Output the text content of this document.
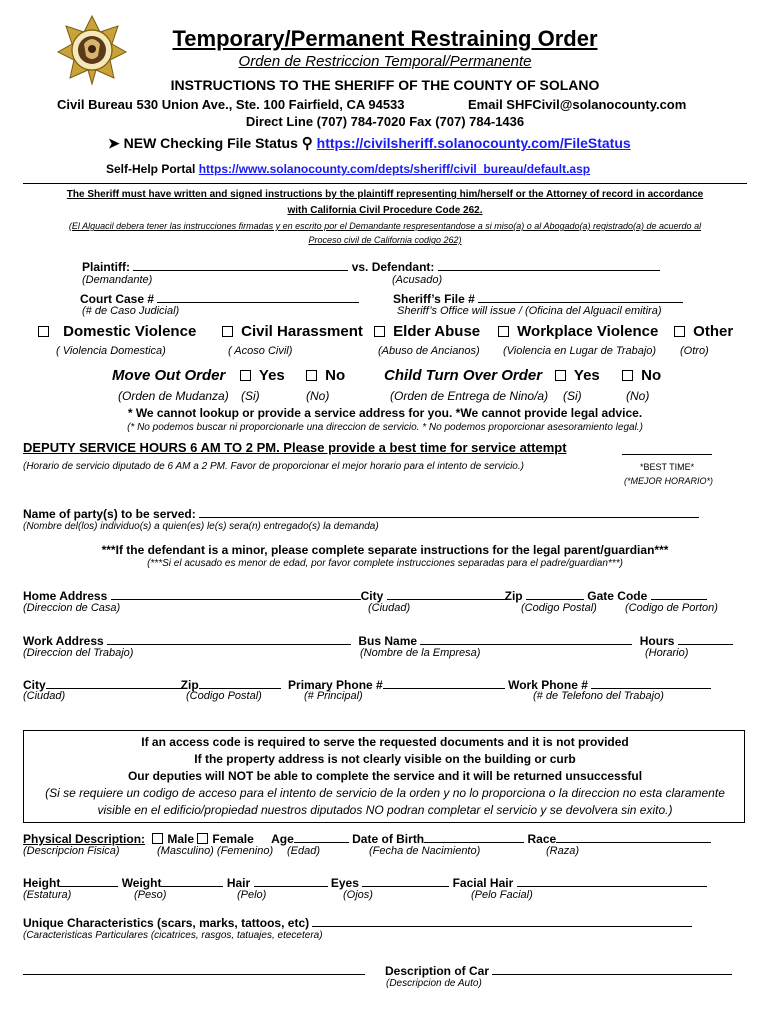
Temporary/Permanent Restraining Order
Orden de Restriccion Temporal/Permanente
INSTRUCTIONS TO THE SHERIFF OF THE COUNTY OF SOLANO
Civil Bureau 530 Union Ave., Ste. 100 Fairfield, CA 94533	Email SHFCivil@solanocounty.com
Direct Line (707) 784-7020 Fax (707) 784-1436
➤ NEW Checking File Status ⚲ https://civilsheriff.solanocounty.com/FileStatus
Self-Help Portal https://www.solanocounty.com/depts/sheriff/civil_bureau/default.asp
The Sheriff must have written and signed instructions by the plaintiff representing him/herself or the Attorney of record in accordance
with California Civil Procedure Code 262.
(El Alguacil debera tener las instrucciones firmadas y en escrito por el Demandante respresentandose a si miso(a) o al Abogado(a) registrado(a) de acuerdo al
Proceso civil de California codigo 262)
Plaintiff:	vs. Defendant:
(Demandante)	(Acusado)
Court Case #	Sheriff’s File #
(# de Caso Judicial)	Sheriff’s Office will issue / (Oficina del Alguacil emitira)
Domestic Violence	Civil Harassment	Elder Abuse	Workplace Violence	Other
( Violencia Domestica)	( Acoso Civil)	(Abuso de Ancianos) (Violencia en Lugar de Trabajo) (Otro)
Move Out Order	Yes	No	Child Turn Over Order	Yes	No
(Orden de Mudanza) (Si)	(No)	(Orden de Entrega de Nino/a) (Si)	(No)
* We cannot lookup or provide a service address for you. *We cannot provide legal advice.
(* No podemos buscar ni proporcionarle una direccion de servicio. * No podemos proporcionar asesoramiento legal.)
DEPUTY SERVICE HOURS 6 AM TO 2 PM. Please provide a best time for service attempt
(Horario de servicio diputado de 6 AM a 2 PM. Favor de proporcionar el mejor horario para el intento de servicio.)	*BEST TIME*
(*MEJOR HORARIO*)
Name of party(s) to be served:
(Nombre del(los) individuo(s) a quien(es) le(s) sera(n) entregado(s) la demanda)
***If the defendant is a minor, please complete separate instructions for the legal parent/guardian***
(***Si el acusado es menor de edad, por favor complete instrucciones separadas para el padre/guardian***)
Home Address	City	Zip	Gate Code
(Direccion de Casa)	(Ciudad)	(Codigo Postal)	(Codigo de Porton)
Work Address	Bus Name	Hours
(Direccion del Trabajo)	(Nombre de la Empresa)	(Horario)
City	Zip	Primary Phone #	Work Phone #
(Ciudad)	(Codigo Postal)	(# Principal)	(# de Telefono del Trabajo)
If an access code is required to serve the requested documents and it is not provided
If the property address is not clearly visible on the building or curb
Our deputies will NOT be able to complete the service and it will be returned unsuccessful
(Si se requiere un codigo de acceso para el intento de servicio de la orden y no lo proporciona o la direccion no esta claramente
visible en el edificio/propiedad nuestros diputados NO podran completar el servicio y se devolvera sin exito.)
Physical Description: Male Female Age	Date of Birth	Race
(Descripcion Fisica)	(Masculino) (Femenino) (Edad)	(Fecha de Nacimiento)	(Raza)
Height	Weight	Hair	Eyes	Facial Hair
(Estatura)	(Peso)	(Pelo)	(Ojos)	(Pelo Facial)
Unique Characteristics (scars, marks, tattoos, etc)
(Caracteristicas Particulares (cicatrices, rasgos, tatuajes, etecetera)
Description of Car
(Descripcion de Auto)
